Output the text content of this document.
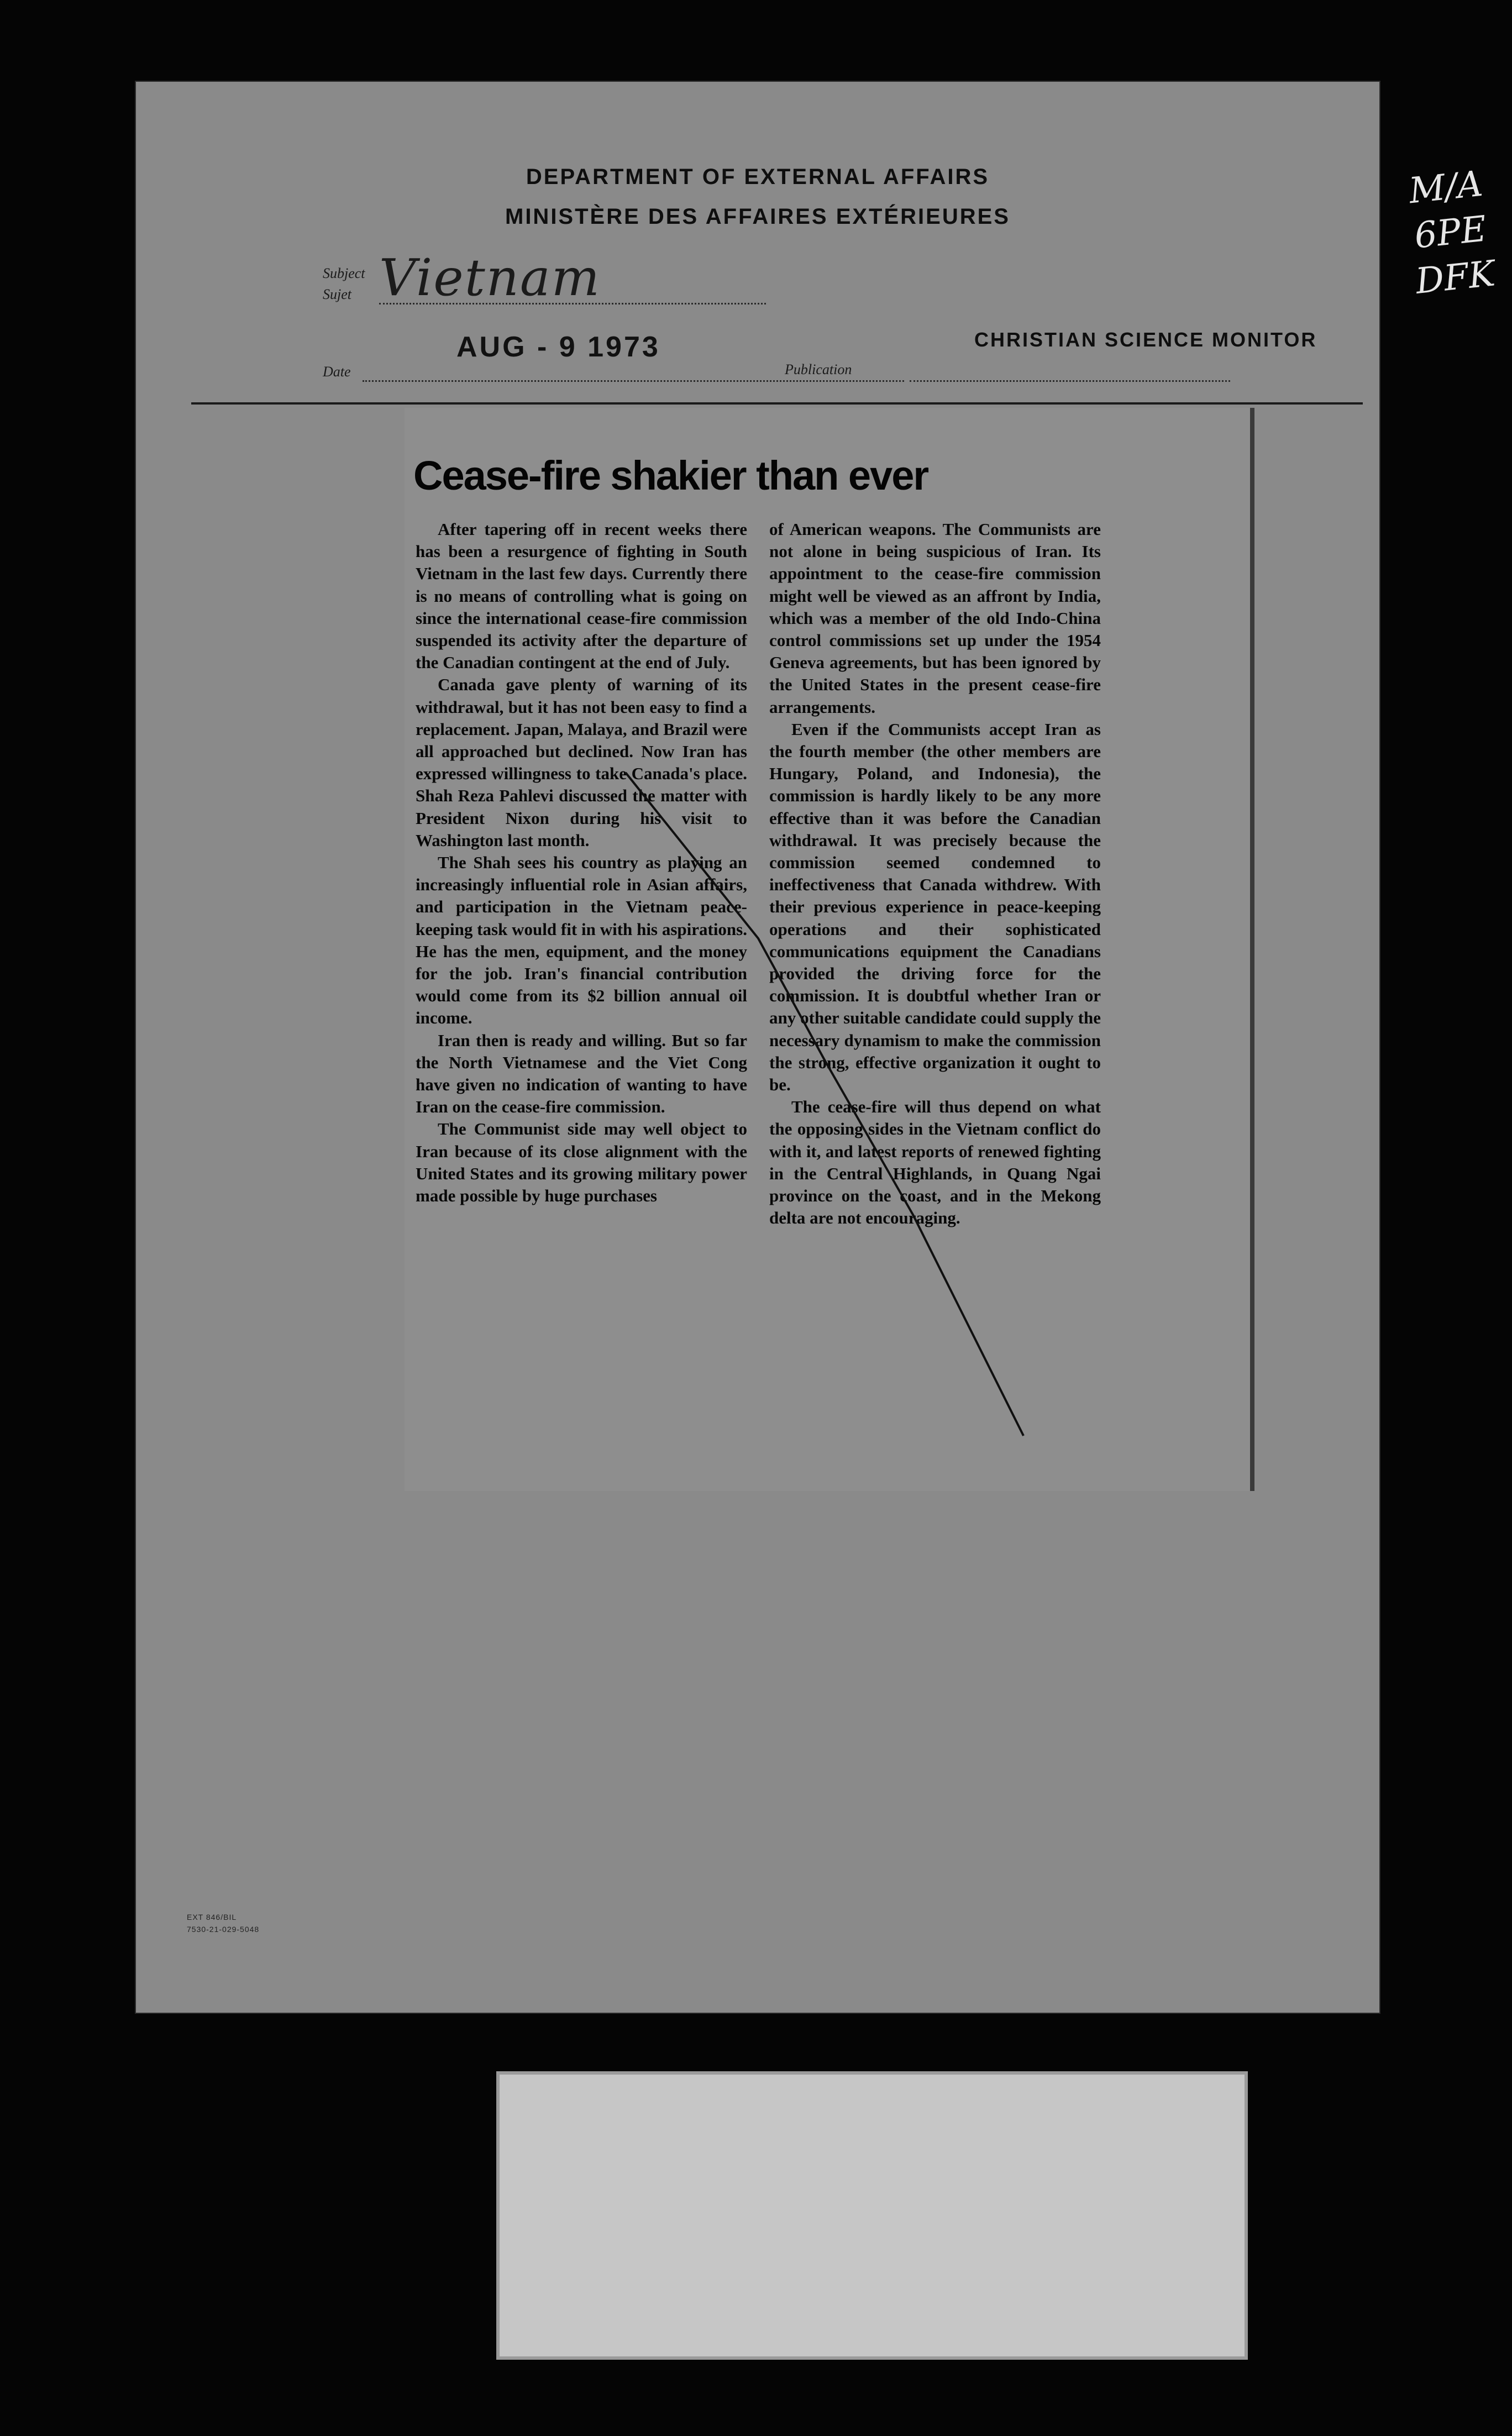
M/A
6PE
DFK
DEPARTMENT OF EXTERNAL AFFAIRS
MINISTÈRE DES AFFAIRES EXTÉRIEURES
Subject
Sujet Vietnam
Date
AUG - 9 1973
Publication
CHRISTIAN SCIENCE MONITOR
Cease-fire shakier than ever

After tapering off in recent weeks there has been a resurgence of fighting in South Vietnam in the last few days. Currently there is no means of controlling what is going on since the international cease-fire commission suspended its activity after the departure of the Canadian contingent at the end of July.

Canada gave plenty of warning of its withdrawal, but it has not been easy to find a replacement. Japan, Malaya, and Brazil were all approached but declined. Now Iran has expressed willingness to take Canada's place. Shah Reza Pahlevi discussed the matter with President Nixon during his visit to Washington last month.

The Shah sees his country as playing an increasingly influential role in Asian affairs, and participation in the Vietnam peace-keeping task would fit in with his aspirations. He has the men, equipment, and the money for the job. Iran's financial contribution would come from its $2 billion annual oil income.

Iran then is ready and willing. But so far the North Vietnamese and the Viet Cong have given no indication of wanting to have Iran on the cease-fire commission.

The Communist side may well object to Iran because of its close alignment with the United States and its growing military power made possible by huge purchases

of American weapons. The Communists are not alone in being suspicious of Iran. Its appointment to the cease-fire commission might well be viewed as an affront by India, which was a member of the old Indo-China control commissions set up under the 1954 Geneva agreements, but has been ignored by the United States in the present cease-fire arrangements.

Even if the Communists accept Iran as the fourth member (the other members are Hungary, Poland, and Indonesia), the commission is hardly likely to be any more effective than it was before the Canadian withdrawal. It was precisely because the commission seemed condemned to ineffectiveness that Canada withdrew. With their previous experience in peace-keeping operations and their sophisticated communications equipment the Canadians provided the driving force for the commission. It is doubtful whether Iran or any other suitable candidate could supply the necessary dynamism to make the commission the strong, effective organization it ought to be.

The cease-fire will thus depend on what the opposing sides in the Vietnam conflict do with it, and latest reports of renewed fighting in the Central Highlands, in Quang Ngai province on the coast, and in the Mekong delta are not encouraging.

EXT 846/BIL
7530-21-029-5048
